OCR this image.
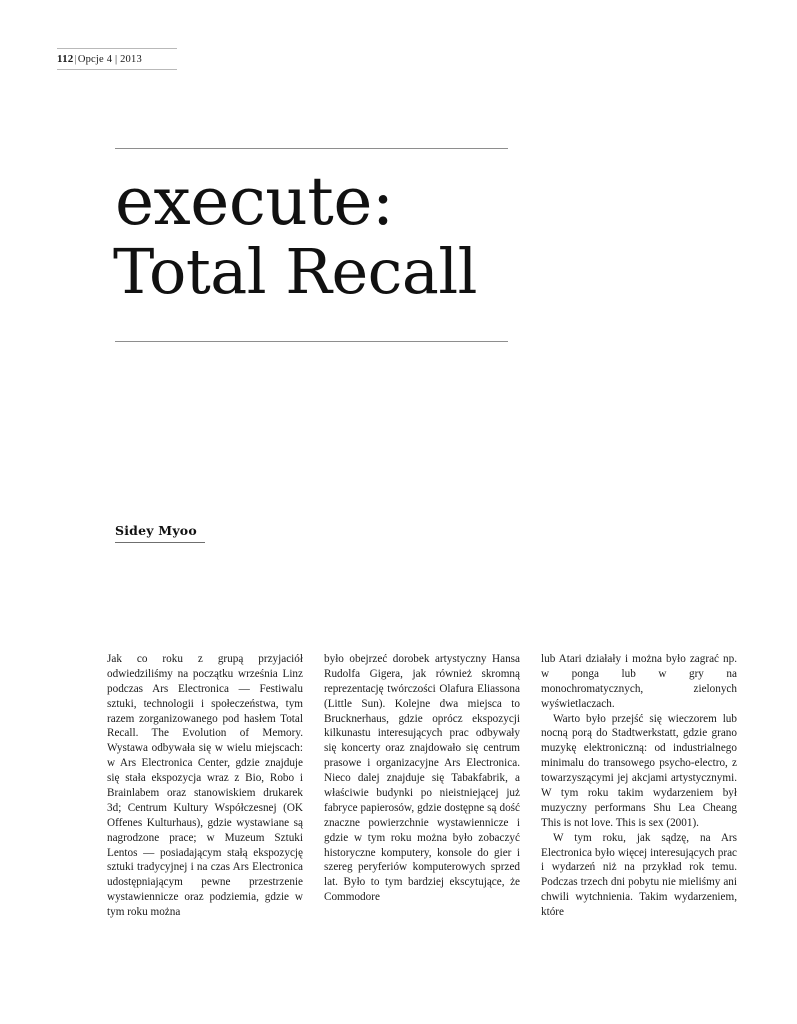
112|Opcje 4 | 2013
execute:
Total Recall
Sidey Myoo

Jak co roku z grupą przyjaciół odwiedziliśmy na początku września Linz podczas Ars Electronica — Festiwalu sztuki, technologii i społeczeństwa, tym razem zorganizowanego pod hasłem Total Recall. The Evolution of Memory. Wystawa odbywała się w wielu miejscach: w Ars Electronica Center, gdzie znajduje się stała ekspozycja wraz z Bio, Robo i Brainlabem oraz stanowiskiem drukarek 3d; Centrum Kultury Współczesnej (OK Offenes Kulturhaus), gdzie wystawiane są nagrodzone prace; w Muzeum Sztuki Lentos — posiadającym stałą ekspozycję sztuki tradycyjnej i na czas Ars Electronica udostępniającym pewne przestrzenie wystawiennicze oraz podziemia, gdzie w tym roku można

było obejrzeć dorobek artystyczny Hansa Rudolfa Gigera, jak również skromną reprezentację twórczości Olafura Eliassona (Little Sun). Kolejne dwa miejsca to Brucknerhaus, gdzie oprócz ekspozycji kilkunastu interesujących prac odbywały się koncerty oraz znajdowało się centrum prasowe i organizacyjne Ars Electronica. Nieco dalej znajduje się Tabakfabrik, a właściwie budynki po nieistniejącej już fabryce papierosów, gdzie dostępne są dość znaczne powierzchnie wystawiennicze i gdzie w tym roku można było zobaczyć historyczne komputery, konsole do gier i szereg peryferiów komputerowych sprzed lat. Było to tym bardziej ekscytujące, że Commodore

lub Atari działały i można było zagrać np. w ponga lub w gry na monochromatycznych, zielonych wyświetlaczach.

Warto było przejść się wieczorem lub nocną porą do Stadtwerkstatt, gdzie grano muzykę elektroniczną: od industrialnego minimalu do transowego psycho-electro, z towarzyszącymi jej akcjami artystycznymi. W tym roku takim wydarzeniem był muzyczny performans Shu Lea Cheang This is not love. This is sex (2001).

W tym roku, jak sądzę, na Ars Electronica było więcej interesujących prac i wydarzeń niż na przykład rok temu. Podczas trzech dni pobytu nie mieliśmy ani chwili wytchnienia. Takim wydarzeniem, które
